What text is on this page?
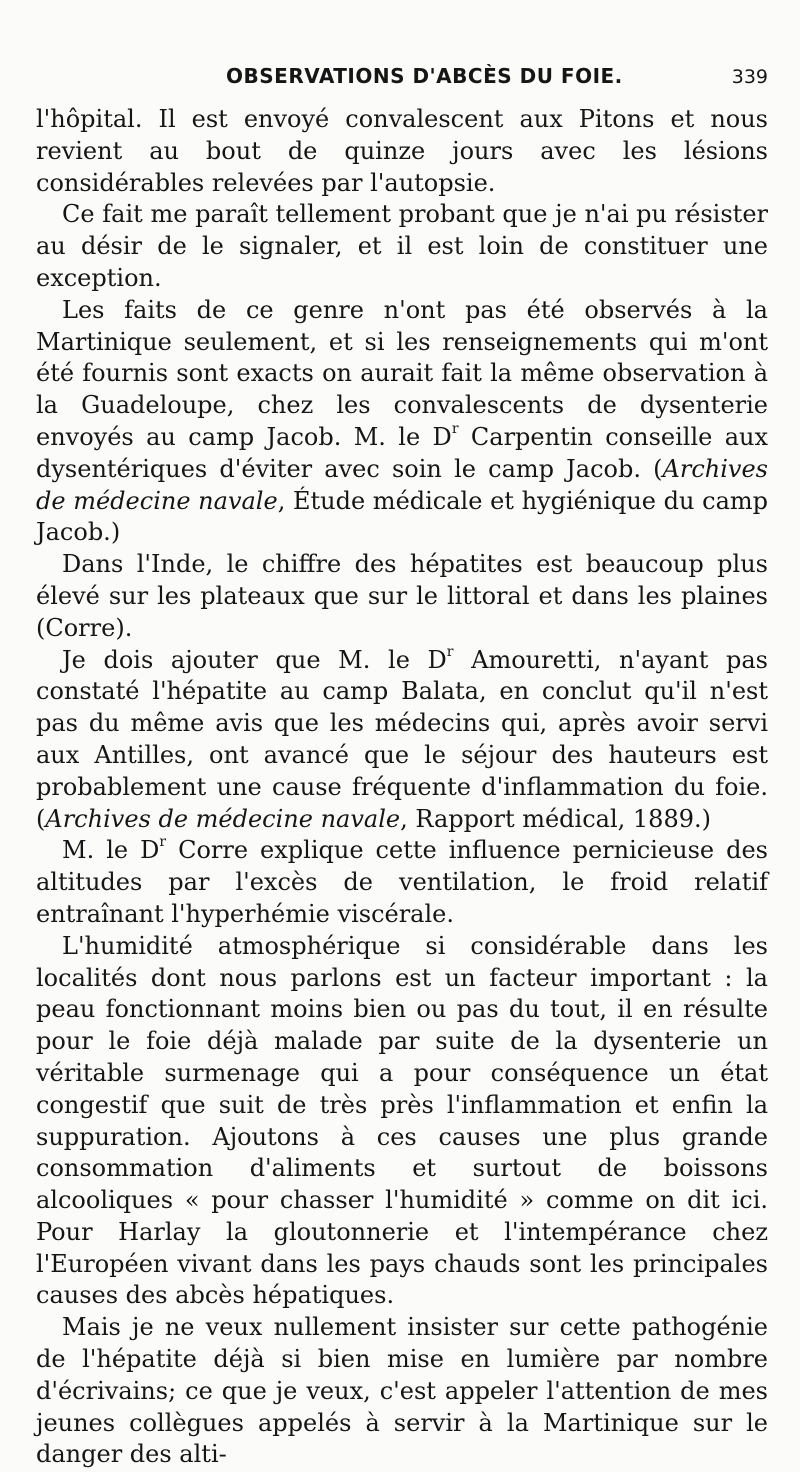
OBSERVATIONS D'ABCÈS DU FOIE.	339

l'hôpital. Il est envoyé convalescent aux Pitons et nous revient au bout de quinze jours avec les lésions considérables relevées par l'autopsie.

Ce fait me paraît tellement probant que je n'ai pu résister au désir de le signaler, et il est loin de constituer une exception.

Les faits de ce genre n'ont pas été observés à la Martinique seulement, et si les renseignements qui m'ont été fournis sont exacts on aurait fait la même observation à la Guadeloupe, chez les convalescents de dysenterie envoyés au camp Jacob. M. le $D^r$ Carpentin conseille aux dysentériques d'éviter avec soin le camp Jacob. (Archives de médecine navale, Étude médicale et hygiénique du camp Jacob.)

Dans l'Inde, le chiffre des hépatites est beaucoup plus élevé sur les plateaux que sur le littoral et dans les plaines (Corre).

Je dois ajouter que M. le $D^r$ Amouretti, n'ayant pas constaté l'hépatite au camp Balata, en conclut qu'il n'est pas du même avis que les médecins qui, après avoir servi aux Antilles, ont avancé que le séjour des hauteurs est probablement une cause fréquente d'inflammation du foie. (Archives de médecine navale, Rapport médical, 1889.)

M. le $D^r$ Corre explique cette influence pernicieuse des altitudes par l'excès de ventilation, le froid relatif entraînant l'hyperhémie viscérale.

L'humidité atmosphérique si considérable dans les localités dont nous parlons est un facteur important : la peau fonctionnant moins bien ou pas du tout, il en résulte pour le foie déjà malade par suite de la dysenterie un véritable surmenage qui a pour conséquence un état congestif que suit de très près l'inflammation et enfin la suppuration. Ajoutons à ces causes une plus grande consommation d'aliments et surtout de boissons alcooliques « pour chasser l'humidité » comme on dit ici. Pour Harlay la gloutonnerie et l'intempérance chez l'Européen vivant dans les pays chauds sont les principales causes des abcès hépatiques.

Mais je ne veux nullement insister sur cette pathogénie de l'hépatite déjà si bien mise en lumière par nombre d'écrivains; ce que je veux, c'est appeler l'attention de mes jeunes collègues appelés à servir à la Martinique sur le danger des alti-
